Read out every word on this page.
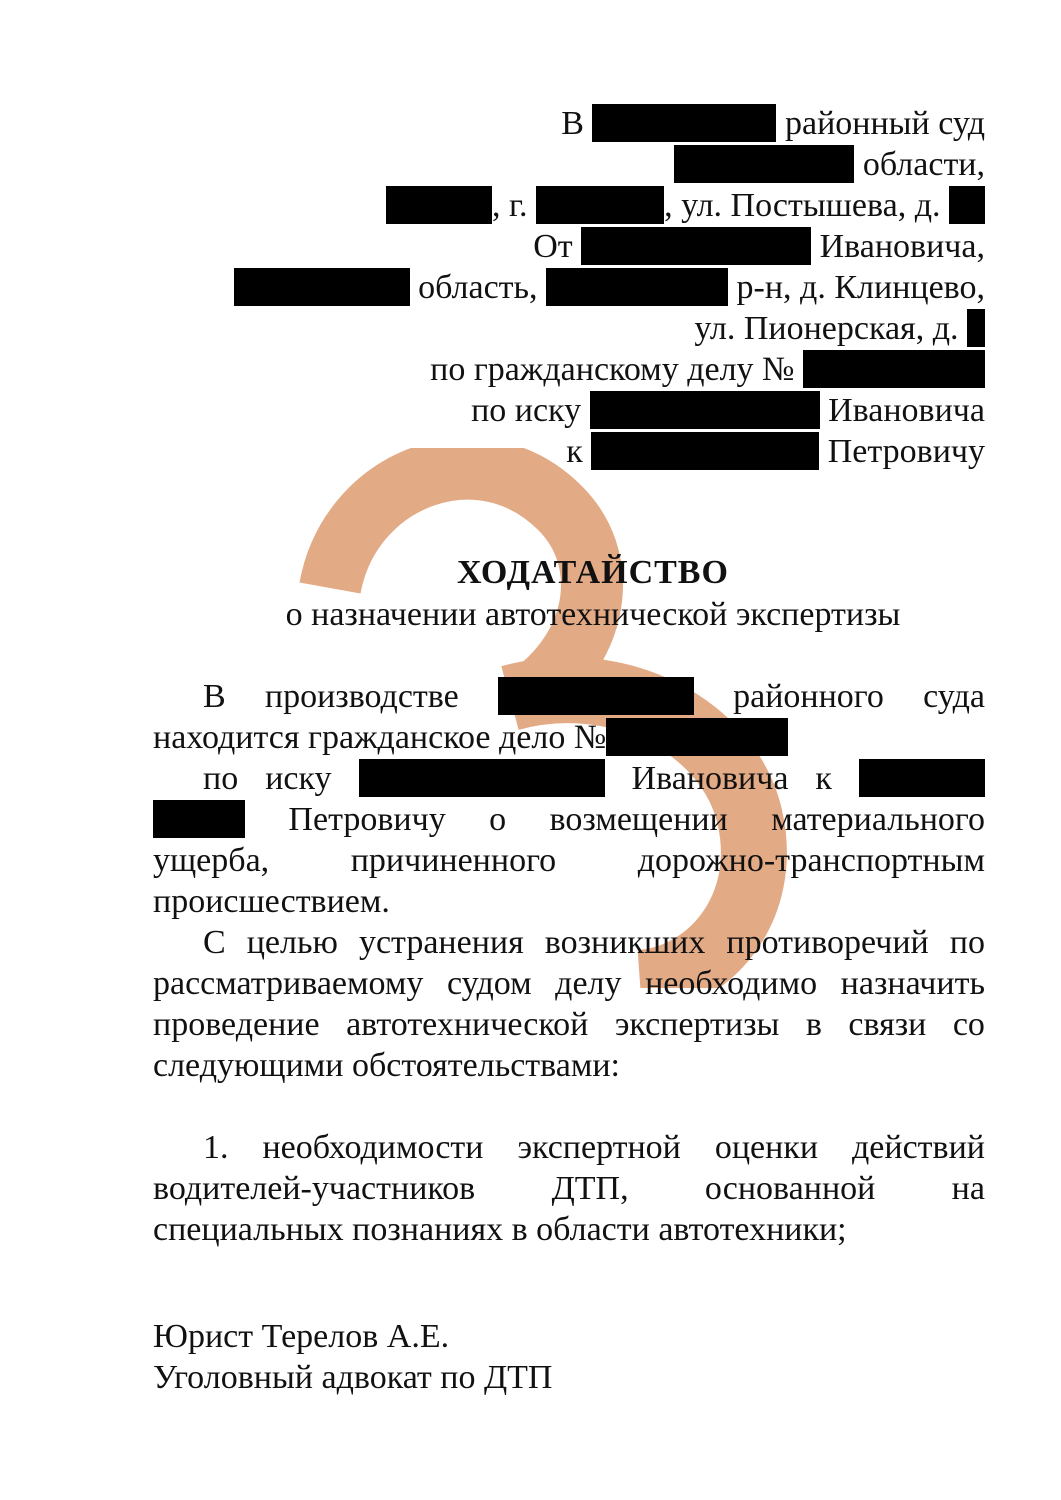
В	районный суд
области,
, г.	, ул. Постышева, д.
От	Ивановича,
область,	р-н, д. Клинцево,
ул. Пионерская, д.
по гражданскому делу №
по иску	Ивановича
к	Петровичу
ХОДАТАЙСТВО
о назначении автотехнической экспертизы
В производстве	районного суда
находится гражданское дело №
по иску	Ивановича к
Петровичу о возмещении материального
ущерба, причиненного дорожно-транспортным
происшествием.
С целью устранения возникших противоречий по
рассматриваемому судом делу необходимо назначить
проведение автотехнической экспертизы в связи со
следующими обстоятельствами:
1. необходимости экспертной оценки действий
водителей-участников ДТП, основанной на
специальных познаниях в области автотехники;
Юрист Терелов А.Е.
Уголовный адвокат по ДТП
